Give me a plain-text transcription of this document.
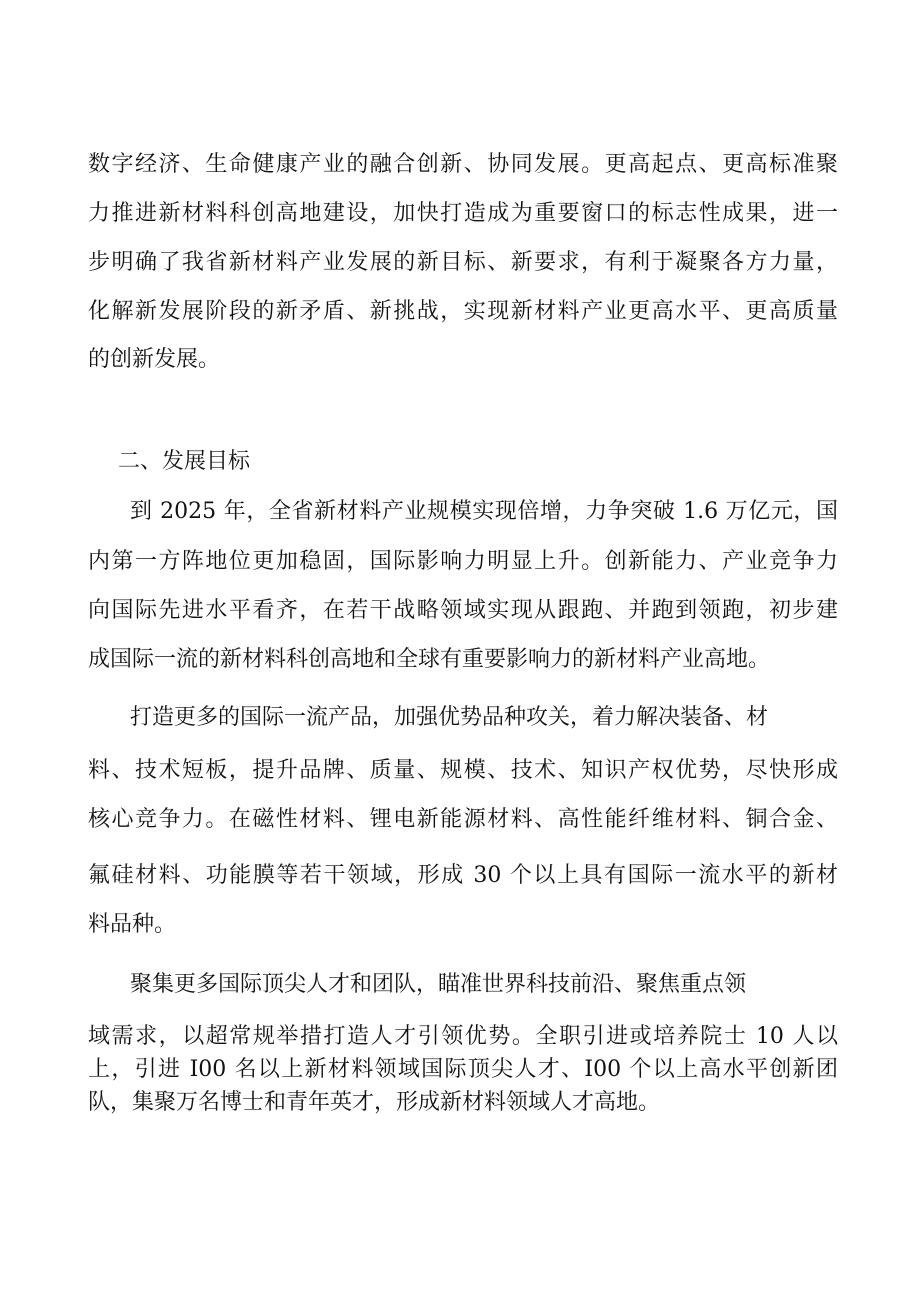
数字经济、生命健康产业的融合创新、协同发展。更高起点、更高标准聚
力推进新材料科创高地建设，加快打造成为重要窗口的标志性成果，进一
步明确了我省新材料产业发展的新目标、新要求，有利于凝聚各方力量，
化解新发展阶段的新矛盾、新挑战，实现新材料产业更高水平、更高质量
的创新发展。
二、发展目标
到 2025 年，全省新材料产业规模实现倍增，力争突破 1.6 万亿元，国
内第一方阵地位更加稳固，国际影响力明显上升。创新能力、产业竞争力
向国际先进水平看齐，在若干战略领域实现从跟跑、并跑到领跑，初步建
成国际一流的新材料科创高地和全球有重要影响力的新材料产业高地。
打造更多的国际一流产品，加强优势品种攻关，着力解决装备、材
料、技术短板，提升品牌、质量、规模、技术、知识产权优势，尽快形成
核心竞争力。在磁性材料、锂电新能源材料、高性能纤维材料、铜合金、
氟硅材料、功能膜等若干领域，形成 30 个以上具有国际一流水平的新材
料品种。
聚集更多国际顶尖人才和团队，瞄准世界科技前沿、聚焦重点领
域需求，以超常规举措打造人才引领优势。全职引进或培养院士 10 人以
上，引进 I00 名以上新材料领域国际顶尖人才、I00 个以上高水平创新团
队，集聚万名博士和青年英才，形成新材料领域人才高地。
